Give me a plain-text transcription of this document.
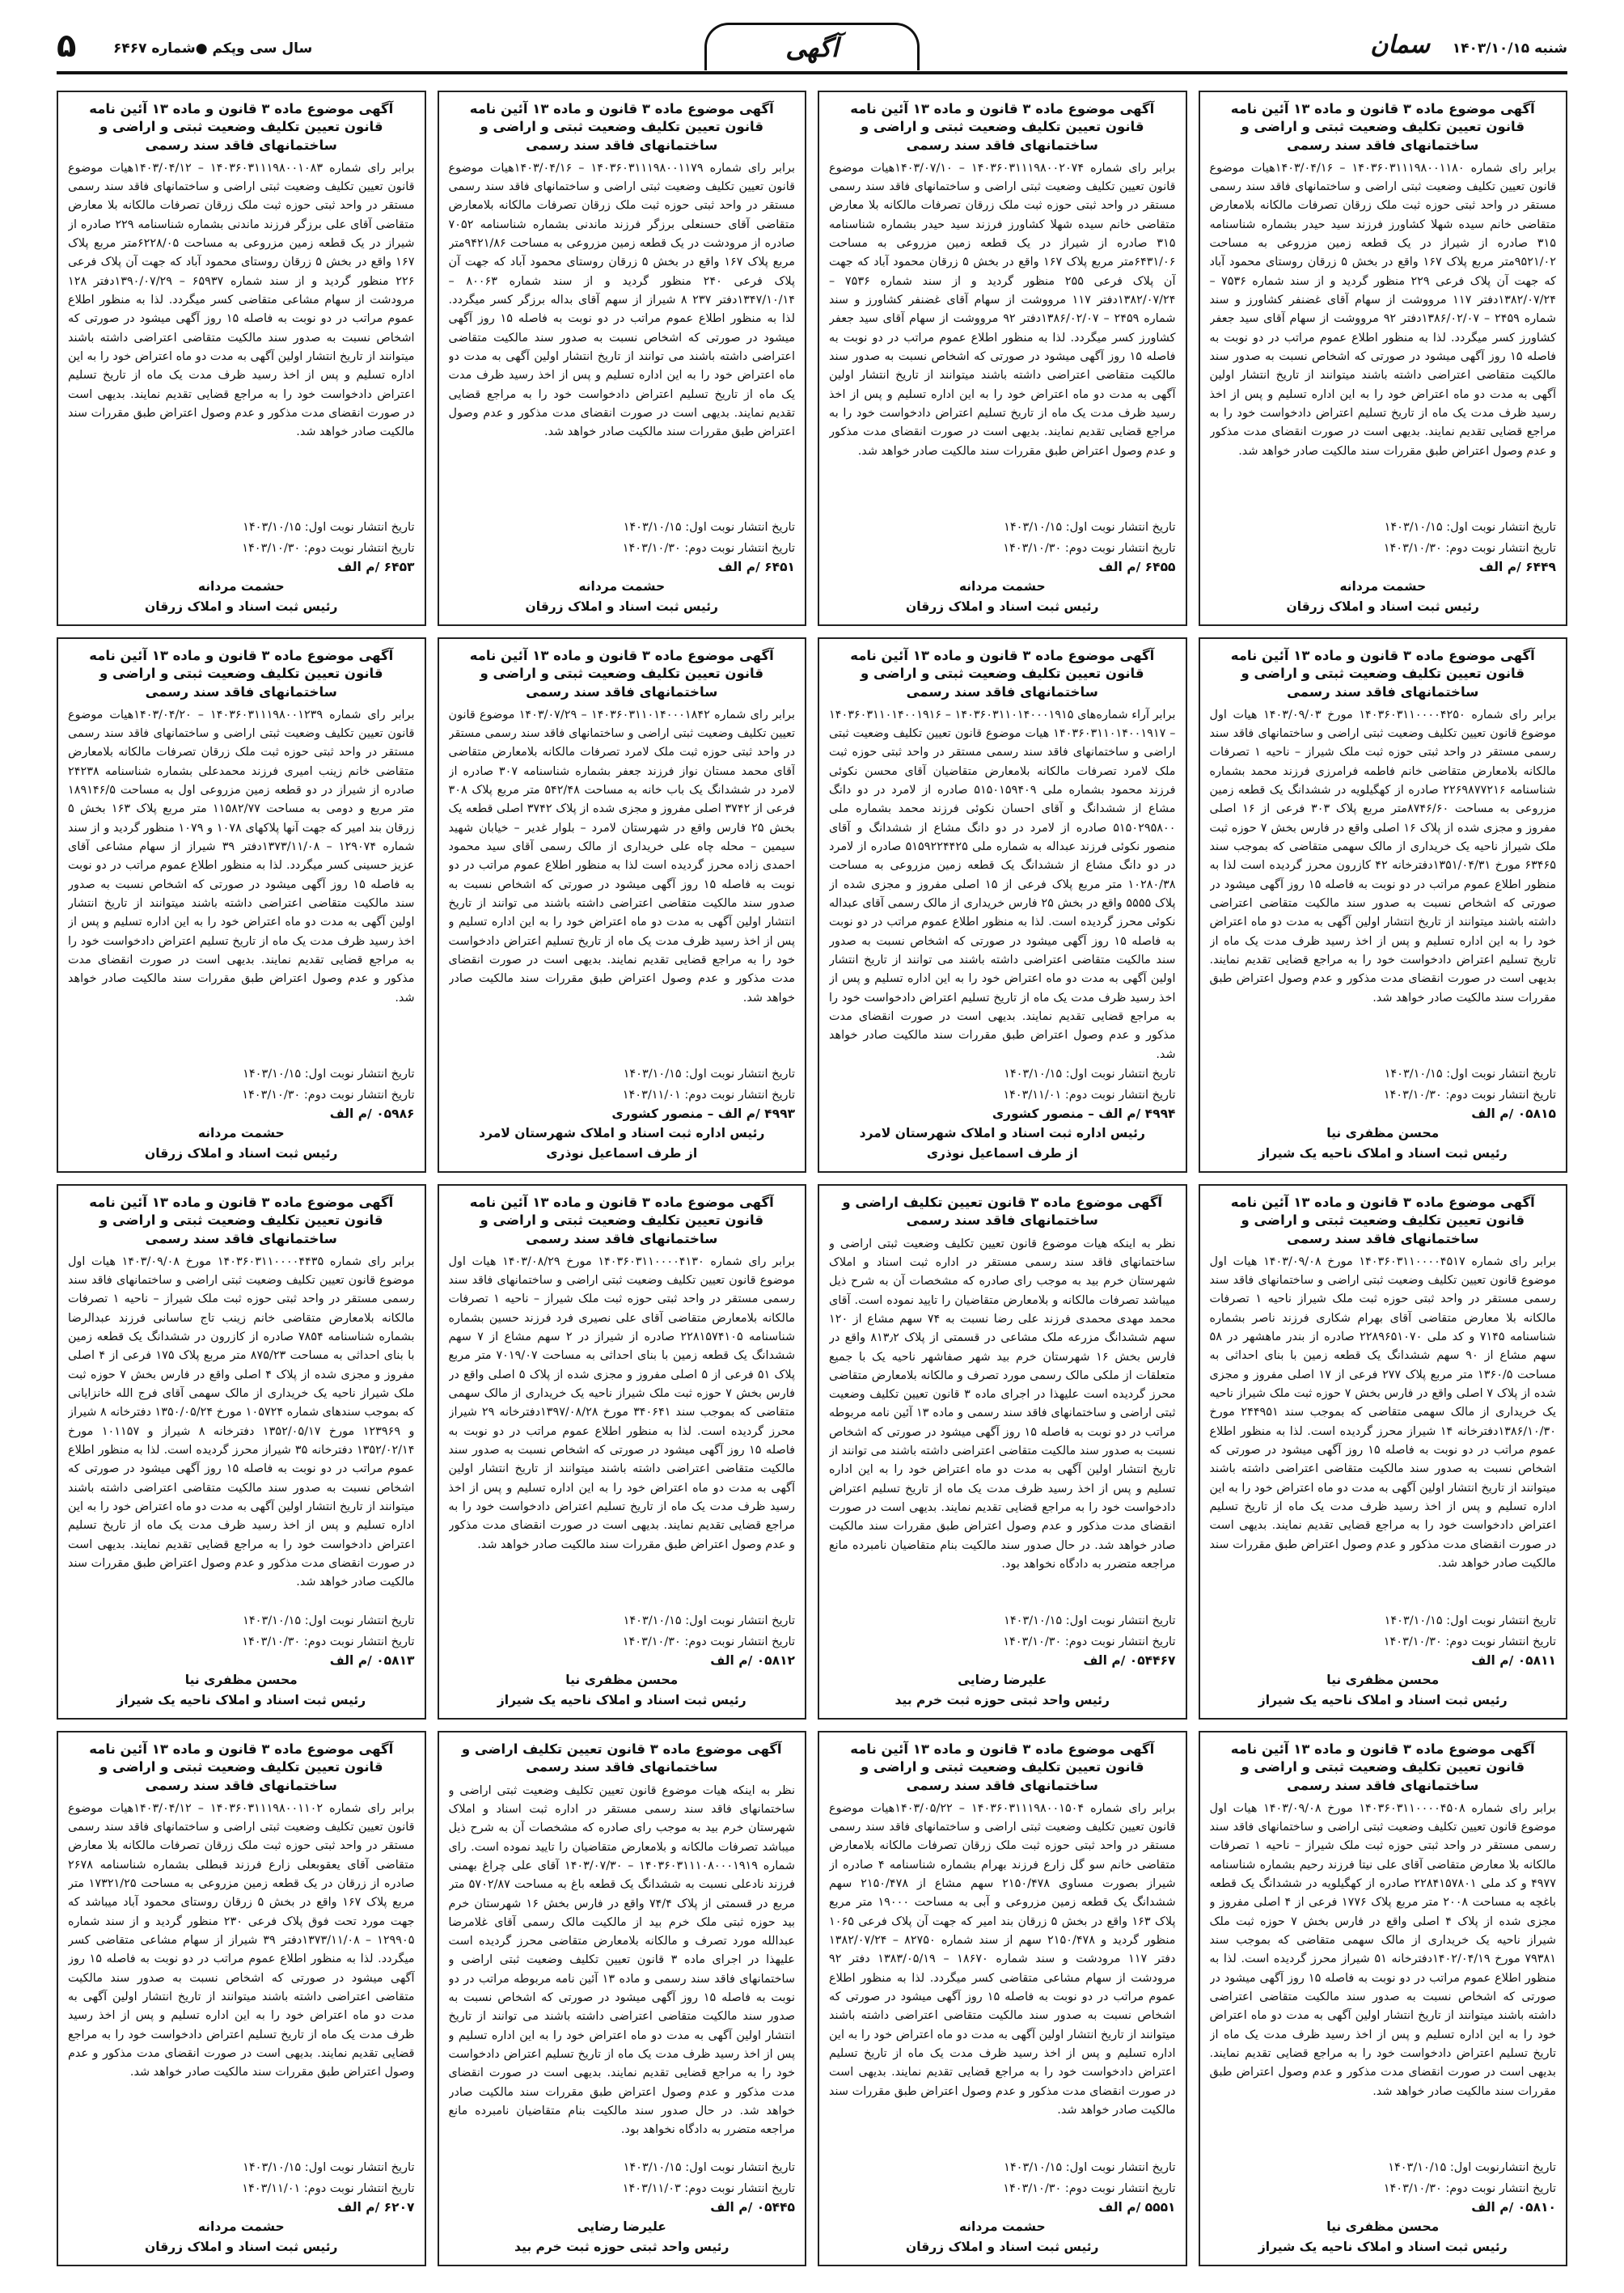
شنبه ۱۴۰۳/۱۰/۱۵
سمان
آگهی
سال سی وپکم ●شماره ۶۴۶۷
۵
آگهی موضوع ماده ۳ قانون و ماده ۱۳ آئین نامه قانون تعیین تکلیف وضعیت ثبتی و اراضی و ساختمانهای فاقد سند رسمی
برابر رای شماره ۱۴۰۳۶۰۳۱۱۱۹۸۰۰۱۱۸۰ – ۱۴۰۳/۰۴/۱۶هیات موضوع قانون تعیین تکلیف وضعیت ثبتی اراضی و ساختمانهای فاقد سند رسمی مستقر در واحد ثبتی حوزه ثبت ملک زرقان تصرفات مالکانه بلامعارض متقاضی خانم سیده شهلا کشاورز فرزند سید حیدر بشماره شناسنامه ۳۱۵ صادره از شیراز در یک قطعه زمین مزروعی به مساحت ۹۵۲۱/۰۲متر مربع پلاک ۱۶۷ واقع در بخش ۵ زرقان روستای محمود آباد که جهت آن پلاک فرعی ۲۲۹ منظور گردید و از سند شماره ۷۵۳۶ – ۱۳۸۲/۰۷/۲۴دفتر ۱۱۷ مرووشت از سهام آقای غضنفر کشاورز و سند شماره ۲۴۵۹ – ۱۳۸۶/۰۲/۰۷دفتر ۹۲ مرووشت از سهام آقای سید جعفر کشاورز کسر میگردد. لذا به منظور اطلاع عموم مراتب در دو نوبت به فاصله ۱۵ روز آگهی میشود در صورتی که اشخاص نسبت به صدور سند مالکیت متقاضی اعتراضی داشته باشند میتوانند از تاریخ انتشار اولین آگهی به مدت دو ماه اعتراض خود را به این اداره تسلیم و پس از اخذ رسید ظرف مدت یک ماه از تاریخ تسلیم اعتراض دادخواست خود را به مراجع قضایی تقدیم نمایند. بدیهی است در صورت انقضای مدت مذکور و عدم وصول اعتراض طبق مقررات سند مالکیت صادر خواهد شد.
تاریخ انتشار نوبت اول: ۱۴۰۳/۱۰/۱۵
تاریخ انتشار نوبت دوم: ۱۴۰۳/۱۰/۳۰
۶۴۴۹ /م الف
حشمت مردانه
رئیس ثبت اسناد و املاک زرقان
آگهی موضوع ماده ۳ قانون و ماده ۱۳ آئین نامه قانون تعیین تکلیف وضعیت ثبتی و اراضی و ساختمانهای فاقد سند رسمی
برابر رای شماره ۱۴۰۳۶۰۳۱۱۱۹۸۰۰۲۰۷۴ – ۱۴۰۳/۰۷/۱۰هیات موضوع قانون تعیین تکلیف وضعیت ثبتی اراضی و ساختمانهای فاقد سند رسمی مستقر در واحد ثبتی حوزه ثبت ملک زرقان تصرفات مالکانه بلا معارض متقاضی خانم سیده شهلا کشاورز فرزند سید حیدر بشماره شناسنامه ۳۱۵ صادره از شیراز در یک قطعه زمین مزروعی به مساحت ۶۴۳۱/۰۶متر مربع پلاک ۱۶۷ واقع در بخش ۵ زرقان محمود آباد که جهت آن پلاک فرعی ۲۵۵ منظور گردید و از سند شماره ۷۵۳۶ – ۱۳۸۲/۰۷/۲۴دفتر ۱۱۷ مرووشت از سهام آقای غضنفر کشاورز و سند شماره ۲۴۵۹ – ۱۳۸۶/۰۲/۰۷دفتر ۹۲ مرووشت از سهام آقای سید جعفر کشاورز کسر میگردد. لذا به منظور اطلاع عموم مراتب در دو نوبت به فاصله ۱۵ روز آگهی میشود در صورتی که اشخاص نسبت به صدور سند مالکیت متقاضی اعتراضی داشته باشند میتوانند از تاریخ انتشار اولین آگهی به مدت دو ماه اعتراض خود را به این اداره تسلیم و پس از اخذ رسید ظرف مدت یک ماه از تاریخ تسلیم اعتراض دادخواست خود را به مراجع قضایی تقدیم نمایند. بدیهی است در صورت انقضای مدت مذکور و عدم وصول اعتراض طبق مقررات سند مالکیت صادر خواهد شد.
تاریخ انتشار نوبت اول: ۱۴۰۳/۱۰/۱۵
تاریخ انتشار نوبت دوم: ۱۴۰۳/۱۰/۳۰
۶۴۵۵ /م الف
حشمت مردانه
رئیس ثبت اسناد و املاک زرقان
آگهی موضوع ماده ۳ قانون و ماده ۱۳ آئین نامه قانون تعیین تکلیف وضعیت ثبتی و اراضی و ساختمانهای فاقد سند رسمی
برابر رای شماره ۱۴۰۳۶۰۳۱۱۱۹۸۰۰۱۱۷۹ – ۱۴۰۳/۰۴/۱۶هیات موضوع قانون تعیین تکلیف وضعیت ثبتی اراضی و ساختمانهای فاقد سند رسمی مستقر در واحد ثبتی حوزه ثبت ملک زرقان تصرفات مالکانه بلامعارض متقاضی آقای حسنعلی برزگر فرزند ماندنی بشماره شناسنامه ۷۰۵۲ صادره از مرودشت در یک قطعه زمین مزروعی به مساحت ۹۴۲۱/۸۶متر مربع پلاک ۱۶۷ واقع در بخش ۵ زرقان روستای محمود آباد که جهت آن پلاک فرعی ۲۴۰ منظور گردید و از سند شماره ۸۰۰۶۳ – ۱۳۴۷/۱۰/۱۴دفتر ۲۳۷ ۸ شیراز از سهم آقای بداله برزگر کسر میگردد. لذا به منظور اطلاع عموم مراتب در دو نوبت به فاصله ۱۵ روز آگهی میشود در صورتی که اشخاص نسبت به صدور سند مالکیت متقاضی اعتراضی داشته باشند می توانند از تاریخ انتشار اولین آگهی به مدت دو ماه اعتراض خود را به این اداره تسلیم و پس از اخذ رسید ظرف مدت یک ماه از تاریخ تسلیم اعتراض دادخواست خود را به مراجع قضایی تقدیم نمایند. بدیهی است در صورت انقضای مدت مذکور و عدم وصول اعتراض طبق مقررات سند مالکیت صادر خواهد شد.
تاریخ انتشار نوبت اول: ۱۴۰۳/۱۰/۱۵
تاریخ انتشار نوبت دوم: ۱۴۰۳/۱۰/۳۰
۶۴۵۱ /م الف
حشمت مردانه
رئیس ثبت اسناد و املاک زرقان
آگهی موضوع ماده ۳ قانون و ماده ۱۳ آئین نامه قانون تعیین تکلیف وضعیت ثبتی و اراضی و ساختمانهای فاقد سند رسمی
برابر رای شماره ۱۴۰۳۶۰۳۱۱۱۹۸۰۰۱۰۸۳ – ۱۴۰۳/۰۴/۱۲هیات موضوع قانون تعیین تکلیف وضعیت ثبتی اراضی و ساختمانهای فاقد سند رسمی مستقر در واحد ثبتی حوزه ثبت ملک زرقان تصرفات مالکانه بلا معارض متقاضی آقای علی برزگر فرزند ماندنی بشماره شناسنامه ۲۲۹ صادره از شیراز در یک قطعه زمین مزروعی به مساحت ۶۲۲۸/۰۵متر مربع پلاک ۱۶۷ واقع در بخش ۵ زرقان روستای محمود آباد که جهت آن پلاک فرعی ۲۲۶ منظور گردید و از سند شماره ۶۵۹۳۷ – ۱۳۹۰/۰۷/۲۹دفتر ۱۲۸ مرودشت از سهام مشاعی متقاضی کسر میگردد. لذا به منظور اطلاع عموم مراتب در دو نوبت به فاصله ۱۵ روز آگهی میشود در صورتی که اشخاص نسبت به صدور سند مالکیت متقاضی اعتراضی داشته باشند میتوانند از تاریخ انتشار اولین آگهی به مدت دو ماه اعتراض خود را به این اداره تسلیم و پس از اخذ رسید ظرف مدت یک ماه از تاریخ تسلیم اعتراض دادخواست خود را به مراجع قضایی تقدیم نمایند. بدیهی است در صورت انقضای مدت مذکور و عدم وصول اعتراض طبق مقررات سند مالکیت صادر خواهد شد.
تاریخ انتشار نوبت اول: ۱۴۰۳/۱۰/۱۵
تاریخ انتشار نوبت دوم: ۱۴۰۳/۱۰/۳۰
۶۴۵۳ /م الف
حشمت مردانه
رئیس ثبت اسناد و املاک زرقان
آگهی موضوع ماده ۳ قانون و ماده ۱۳ آئین نامه قانون تعیین تکلیف وضعیت ثبتی و اراضی و ساختمانهای فاقد سند رسمی
برابر رای شماره ۱۴۰۳۶۰۳۱۱۰۰۰۰۴۲۵۰ مورخ ۱۴۰۳/۰۹/۰۳ هیات اول موضوع قانون تعیین تکلیف وضعیت ثبتی اراضی و ساختمانهای فاقد سند رسمی مستقر در واحد ثبتی حوزه ثبت ملک شیراز – ناحیه ۱ تصرفات مالکانه بلامعارض متقاضی خانم فاطمه فرامرزی فرزند محمد بشماره شناسنامه ۲۲۶۹۸۷۷۲۱۶ صادره از کهگیلویه در ششدانگ یک قطعه زمین مزروعی به مساحت ۸۷۴۶/۶۰متر مربع پلاک ۳۰۳ فرعی از ۱۶ اصلی مفروز و مجزی شده از پلاک ۱۶ اصلی واقع در فارس بخش ۷ حوزه ثبت ملک شیراز ناحیه یک خریداری از مالک سهمی متقاضی که بموجب سند ۶۳۴۶۵ مورخ ۱۳۵۱/۰۴/۳۱دفترخانه ۴۲ کازرون محرز گردیده است لذا به منظور اطلاع عموم مراتب در دو نوبت به فاصله ۱۵ روز آگهی میشود در صورتی که اشخاص نسبت به صدور سند مالکیت متقاضی اعتراضی داشته باشند میتوانند از تاریخ انتشار اولین آگهی به مدت دو ماه اعتراض خود را به این اداره تسلیم و پس از اخذ رسید ظرف مدت یک ماه از تاریخ تسلیم اعتراض دادخواست خود را به مراجع قضایی تقدیم نمایند. بدیهی است در صورت انقضای مدت مذکور و عدم وصول اعتراض طبق مقررات سند مالکیت صادر خواهد شد.
تاریخ انتشار نوبت اول: ۱۴۰۳/۱۰/۱۵
تاریخ انتشار نوبت دوم: ۱۴۰۳/۱۰/۳۰
۰۵۸۱۵ /م الف
محسن مظفری نیا
رئیس ثبت اسناد و املاک ناحیه یک شیراز
آگهی موضوع ماده ۳ قانون و ماده ۱۳ آئین نامه قانون تعیین تکلیف وضعیت ثبتی و اراضی و ساختمانهای فاقد سند رسمی
برابر آراء شماره‌های ۱۴۰۳۶۰۳۱۱۰۱۴۰۰۰۱۹۱۵ – ۱۴۰۳۶۰۳۱۱۰۱۴۰۰۱۹۱۶ – ۱۴۰۳۶۰۳۱۱۰۱۴۰۰۱۹۱۷ هیات موضوع قانون تعیین تکلیف وضعیت ثبتی اراضی و ساختمانهای فاقد سند رسمی مستقر در واحد ثبتی حوزه ثبت ملک لامرد تصرفات مالکانه بلامعارض متقاضیان آقای محسن نکوئی فرزند محمود بشماره ملی ۵۱۵۰۱۵۹۴۰۹ صادره از لامرد در دو دانگ مشاع از ششدانگ و آقای احسان نکوئی فرزند محمد بشماره ملی ۵۱۵۰۲۹۵۸۰۰ صادره از لامرد در دو دانگ مشاع از ششدانگ و آقای منصور نکوئی فرزند عبداله به شماره ملی ۵۱۵۹۲۲۴۴۲۵ صادره از لامرد در دو دانگ مشاع از ششدانگ یک قطعه زمین مزروعی به مساحت ۱۰۲۸۰/۳۸ متر مربع پلاک فرعی از ۱۵ اصلی مفروز و مجزی شده از پلاک ۵۵۵۵ واقع در بخش ۲۵ فارس خریداری از مالک رسمی آقای عبداله نکوئی محرز گردیده است. لذا به منظور اطلاع عموم مراتب در دو نوبت به فاصله ۱۵ روز آگهی میشود در صورتی که اشخاص نسبت به صدور سند مالکیت متقاضی اعتراضی داشته باشند می توانند از تاریخ انتشار اولین آگهی به مدت دو ماه اعتراض خود را به این اداره تسلیم و پس از اخذ رسید ظرف مدت یک ماه از تاریخ تسلیم اعتراض دادخواست خود را به مراجع قضایی تقدیم نمایند. بدیهی است در صورت انقضای مدت مذکور و عدم وصول اعتراض طبق مقررات سند مالکیت صادر خواهد شد.
تاریخ انتشار نوبت اول: ۱۴۰۳/۱۰/۱۵
تاریخ انتشار نوبت دوم: ۱۴۰۳/۱۱/۰۱
۴۹۹۴ /م الف – منصور کشوری
رئیس اداره ثبت اسناد و املاک شهرستان لامرد
از طرف اسماعیل نوذری
آگهی موضوع ماده ۳ قانون و ماده ۱۳ آئین نامه قانون تعیین تکلیف وضعیت ثبتی و اراضی و ساختمانهای فاقد سند رسمی
برابر رای شماره ۱۴۰۳۶۰۳۱۱۰۱۴۰۰۰۱۸۴۲ – ۱۴۰۳/۰۷/۲۹ موضوع قانون تعیین تکلیف وضعیت ثبتی اراضی و ساختمانهای فاقد سند رسمی مستقر در واحد ثبتی حوزه ثبت ملک لامرد تصرفات مالکانه بلامعارض متقاضی آقای محمد مستان نواز فرزند جعفر بشماره شناسنامه ۳۰۷ صادره از لامرد در ششدانگ یک باب خانه به مساحت ۵۴۲/۴۸ متر مربع پلاک ۳۰۸ فرعی از ۳۷۴۲ اصلی مفروز و مجزی شده از پلاک ۳۷۴۲ اصلی قطعه یک بخش ۲۵ فارس واقع در شهرستان لامرد – بلوار غدیر – خیابان شهید سیمین – محله چاه علی خریداری از مالک رسمی آقای سید محمود احمدی زاده محرز گردیده است لذا به منظور اطلاع عموم مراتب در دو نوبت به فاصله ۱۵ روز آگهی میشود در صورتی که اشخاص نسبت به صدور سند مالکیت متقاضی اعتراضی داشته باشند می توانند از تاریخ انتشار اولین آگهی به مدت دو ماه اعتراض خود را به این اداره تسلیم و پس از اخذ رسید ظرف مدت یک ماه از تاریخ تسلیم اعتراض دادخواست خود را به مراجع قضایی تقدیم نمایند. بدیهی است در صورت انقضای مدت مذکور و عدم وصول اعتراض طبق مقررات سند مالکیت صادر خواهد شد.
تاریخ انتشار نوبت اول: ۱۴۰۳/۱۰/۱۵
تاریخ انتشار نوبت دوم: ۱۴۰۳/۱۱/۰۱
۴۹۹۳ /م الف – منصور کشوری
رئیس اداره ثبت اسناد و املاک شهرستان لامرد
از طرف اسماعیل نوذری
آگهی موضوع ماده ۳ قانون و ماده ۱۳ آئین نامه قانون تعیین تکلیف وضعیت ثبتی و اراضی و ساختمانهای فاقد سند رسمی
برابر رای شماره ۱۴۰۳۶۰۳۱۱۱۹۸۰۰۱۲۳۹ – ۱۴۰۳/۰۴/۲۰هیات موضوع قانون تعیین تکلیف وضعیت ثبتی اراضی و ساختمانهای فاقد سند رسمی مستقر در واحد ثبتی حوزه ثبت ملک زرقان تصرفات مالکانه بلامعارض متقاضی خانم زینب امیری فرزند محمدعلی بشماره شناسنامه ۲۴۲۳۸ صادره از شیراز در دو قطعه زمین مزروعی اول به مساحت ۱۸۹۱۴۶/۵ متر مربع و دومی به مساحت ۱۱۵۸۲/۷۷ متر مربع پلاک ۱۶۳ بخش ۵ زرقان بند امیر که جهت آنها پلاکهای ۱۰۷۸ و ۱۰۷۹ منظور گردید و از سند شماره ۱۲۹۰۷۴ – ۱۳۷۳/۱۱/۰۸دفتر ۳۹ شیراز از سهام مشاعی آقای عزیز حسینی کسر میگردد. لذا به منظور اطلاع عموم مراتب در دو نوبت به فاصله ۱۵ روز آگهی میشود در صورتی که اشخاص نسبت به صدور سند مالکیت متقاضی اعتراضی داشته باشند میتوانند از تاریخ انتشار اولین آگهی به مدت دو ماه اعتراض خود را به این اداره تسلیم و پس از اخذ رسید ظرف مدت یک ماه از تاریخ تسلیم اعتراض دادخواست خود را به مراجع قضایی تقدیم نمایند. بدیهی است در صورت انقضای مدت مذکور و عدم وصول اعتراض طبق مقررات سند مالکیت صادر خواهد شد.
تاریخ انتشار نوبت اول: ۱۴۰۳/۱۰/۱۵
تاریخ انتشار نوبت دوم: ۱۴۰۳/۱۰/۳۰
۰۵۹۸۶ /م الف
حشمت مردانه
رئیس ثبت اسناد و املاک زرقان
آگهی موضوع ماده ۳ قانون و ماده ۱۳ آئین نامه قانون تعیین تکلیف وضعیت ثبتی و اراضی و ساختمانهای فاقد سند رسمی
برابر رای شماره ۱۴۰۳۶۰۳۱۱۰۰۰۰۴۵۱۷ مورخ ۱۴۰۳/۰۹/۰۸ هیات اول موضوع قانون تعیین تکلیف وضعیت ثبتی اراضی و ساختمانهای فاقد سند رسمی مستقر در واحد ثبتی حوزه ثبت ملک شیراز ناحیه ۱ تصرفات مالکانه بلا معارض متقاضی آقای بهرام شکاری فرزند ناصر بشماره شناسنامه ۷۱۴۵ و کد ملی ۲۲۸۹۶۵۱۰۷۰ صادره از بندر ماهشهر در ۵۸ سهم مشاع از ۹۰ سهم ششدانگ یک قطعه زمین با بنای احداثی به مساحت ۱۳۶۰/۵ متر مربع پلاک ۲۷۷ فرعی از ۱۷ اصلی مفروز و مجزی شده از پلاک ۷ اصلی واقع در فارس بخش ۷ حوزه ثبت ملک شیراز ناحیه یک خریداری از مالک سهمی متقاضی که بموجب سند ۲۴۴۹۵۱ مورخ ۱۳۸۶/۱۰/۳۰دفترخانه ۱۴ شیراز محرز گردیده است. لذا به منظور اطلاع عموم مراتب در دو نوبت به فاصله ۱۵ روز آگهی میشود در صورتی که اشخاص نسبت به صدور سند مالکیت متقاضی اعتراضی داشته باشند میتوانند از تاریخ انتشار اولین آگهی به مدت دو ماه اعتراض خود را به این اداره تسلیم و پس از اخذ رسید ظرف مدت یک ماه از تاریخ تسلیم اعتراض دادخواست خود را به مراجع قضایی تقدیم نمایند. بدیهی است در صورت انقضای مدت مذکور و عدم وصول اعتراض طبق مقررات سند مالکیت صادر خواهد شد.
تاریخ انتشار نوبت اول: ۱۴۰۳/۱۰/۱۵
تاریخ انتشار نوبت دوم: ۱۴۰۳/۱۰/۳۰
۰۵۸۱۱ /م الف
محسن مظفری نیا
رئیس ثبت اسناد و املاک ناحیه یک شیراز
آگهی موضوع ماده ۳ قانون تعیین تکلیف اراضی و ساختمانهای فاقد سند رسمی
نظر به اینکه هیات موضوع قانون تعیین تکلیف وضعیت ثبتی اراضی و ساختمانهای فاقد سند رسمی مستقر در اداره ثبت اسناد و املاک شهرستان خرم بید به موجب رای صادره که مشخصات آن به شرح ذیل میباشد تصرفات مالکانه و بلامعارض متقاضیان را تایید نموده است. آقای محمد مهدی محمدی فرزند علی رضا نسبت به ۷۴ سهم مشاع از ۱۲۰ سهم ششدانگ مزرعه ملک مشاعی در قسمتی از پلاک ۸۱۳٫۲ واقع در فارس بخش ۱۶ شهرستان خرم بید شهر صفاشهر ناحیه یک با جمیع متعلقات از ملکی مالک رسمی مورد تصرف و مالکانه بلامعارض متقاضی محرز گردیده است علیهذا در اجرای ماده ۳ قانون تعیین تکلیف وضعیت ثبتی اراضی و ساختمانهای فاقد سند رسمی و ماده ۱۳ آئین نامه مربوطه مراتب در دو نوبت به فاصله ۱۵ روز آگهی میشود در صورتی که اشخاص نسبت به صدور سند مالکیت متقاضی اعتراضی داشته باشند می توانند از تاریخ انتشار اولین آگهی به مدت دو ماه اعتراض خود را به این اداره تسلیم و پس از اخذ رسید ظرف مدت یک ماه از تاریخ تسلیم اعتراض دادخواست خود را به مراجع قضایی تقدیم نمایند. بدیهی است در صورت انقضای مدت مذکور و عدم وصول اعتراض طبق مقررات سند مالکیت صادر خواهد شد. در حال صدور سند مالکیت بنام متقاضیان نامبرده مانع مراجعه متضرر به دادگاه نخواهد بود.
تاریخ انتشار نوبت اول: ۱۴۰۳/۱۰/۱۵
تاریخ انتشار نوبت دوم: ۱۴۰۳/۱۰/۳۰
۰۵۴۴۶۷ /م الف
علیرضا رضایی
رئیس واحد ثبتی حوزه ثبت خرم بید
آگهی موضوع ماده ۳ قانون و ماده ۱۳ آئین نامه قانون تعیین تکلیف وضعیت ثبتی و اراضی و ساختمانهای فاقد سند رسمی
برابر رای شماره ۱۴۰۳۶۰۳۱۱۰۰۰۰۴۱۳۰ مورخ ۱۴۰۳/۰۸/۲۹ هیات اول موضوع قانون تعیین تکلیف وضعیت ثبتی اراضی و ساختمانهای فاقد سند رسمی مستقر در واحد ثبتی حوزه ثبت ملک شیراز – ناحیه ۱ تصرفات مالکانه بلامعارض متقاضی آقای علی نصیری فرد فرزند حسین بشماره شناسنامه ۲۲۸۱۵۷۴۱۰۵ صادره از شیراز در ۲ سهم مشاع از ۷ سهم ششدانگ یک قطعه زمین با بنای احداثی به مساحت ۷۰۱۹/۰۷ متر مربع پلاک ۵۱ فرعی از ۵ اصلی مفروز و مجزی شده از پلاک ۵ اصلی واقع در فارس بخش ۷ حوزه ثبت ملک شیراز ناحیه یک خریداری از مالک سهمی متقاضی که بموجب سند ۳۴۰۶۴۱ مورخ ۱۳۹۷/۰۸/۲۸دفترخانه ۲۹ شیراز محرز گردیده است. لذا به منظور اطلاع عموم مراتب در دو نوبت به فاصله ۱۵ روز آگهی میشود در صورتی که اشخاص نسبت به صدور سند مالکیت متقاضی اعتراضی داشته باشند میتوانند از تاریخ انتشار اولین آگهی به مدت دو ماه اعتراض خود را به این اداره تسلیم و پس از اخذ رسید ظرف مدت یک ماه از تاریخ تسلیم اعتراض دادخواست خود را به مراجع قضایی تقدیم نمایند. بدیهی است در صورت انقضای مدت مذکور و عدم وصول اعتراض طبق مقررات سند مالکیت صادر خواهد شد.
تاریخ انتشار نوبت اول: ۱۴۰۳/۱۰/۱۵
تاریخ انتشار نوبت دوم: ۱۴۰۳/۱۰/۳۰
۰۵۸۱۲ /م الف
محسن مظفری نیا
رئیس ثبت اسناد و املاک ناحیه یک شیراز
آگهی موضوع ماده ۳ قانون و ماده ۱۳ آئین نامه قانون تعیین تکلیف وضعیت ثبتی و اراضی و ساختمانهای فاقد سند رسمی
برابر رای شماره ۱۴۰۳۶۰۳۱۱۰۰۰۰۴۴۳۵ مورخ ۱۴۰۳/۰۹/۰۸ هیات اول موضوع قانون تعیین تکلیف وضعیت ثبتی اراضی و ساختمانهای فاقد سند رسمی مستقر در واحد ثبتی حوزه ثبت ملک شیراز – ناحیه ۱ تصرفات مالکانه بلامعارض متقاضی خانم زینب تاج ساسانی فرزند عبدالرضا بشماره شناسنامه ۷۸۵۴ صادره از کازرون در ششدانگ یک قطعه زمین با بنای احداثی به مساحت ۸۷۵/۲۳ متر مربع پلاک ۱۷۵ فرعی از ۴ اصلی مفروز و مجزی شده از پلاک ۴ اصلی واقع در فارس بخش ۷ حوزه ثبت ملک شیراز ناحیه یک خریداری از مالک سهمی آقای فرج الله خانزایانی که بموجب سندهای شماره ۱۰۵۷۲۴ مورخ ۱۳۵۰/۰۵/۲۴ دفترخانه ۸ شیراز و ۱۲۳۹۶۹ مورخ ۱۳۵۲/۰۵/۱۷ دفترخانه ۸ شیراز و ۱۰۱۱۵۷ مورخ ۱۳۵۲/۰۲/۱۴ دفترخانه ۳۵ شیراز محرز گردیده است. لذا به منظور اطلاع عموم مراتب در دو نوبت به فاصله ۱۵ روز آگهی میشود در صورتی که اشخاص نسبت به صدور سند مالکیت متقاضی اعتراضی داشته باشند میتوانند از تاریخ انتشار اولین آگهی به مدت دو ماه اعتراض خود را به این اداره تسلیم و پس از اخذ رسید ظرف مدت یک ماه از تاریخ تسلیم اعتراض دادخواست خود را به مراجع قضایی تقدیم نمایند. بدیهی است در صورت انقضای مدت مذکور و عدم وصول اعتراض طبق مقررات سند مالکیت صادر خواهد شد.
تاریخ انتشار نوبت اول: ۱۴۰۳/۱۰/۱۵
تاریخ انتشار نوبت دوم: ۱۴۰۳/۱۰/۳۰
۰۵۸۱۳ /م الف
محسن مظفری نیا
رئیس ثبت اسناد و املاک ناحیه یک شیراز
آگهی موضوع ماده ۳ قانون و ماده ۱۳ آئین نامه قانون تعیین تکلیف وضعیت ثبتی و اراضی و ساختمانهای فاقد سند رسمی
برابر رای شماره ۱۴۰۳۶۰۳۱۱۰۰۰۰۴۵۰۸ مورخ ۱۴۰۳/۰۹/۰۸ هیات اول موضوع قانون تعیین تکلیف وضعیت ثبتی اراضی و ساختمانهای فاقد سند رسمی مستقر در واحد ثبتی حوزه ثبت ملک شیراز – ناحیه ۱ تصرفات مالکانه بلا معارض متقاضی آقای علی نیتا فرزند رحیم بشماره شناسنامه ۴۹۷۷ و کد ملی ۲۲۸۴۱۵۷۸۰۱ صادره از کهگیلویه در ششدانگ یک قطعه باغچه به مساحت ۲۰۰۸ متر مربع پلاک ۱۷۷۶ فرعی از ۴ اصلی مفروز و مجزی شده از پلاک ۴ اصلی واقع در فارس بخش ۷ حوزه ثبت ملک شیراز ناحیه یک خریداری از مالک سهمی متقاضی که بموجب سند ۷۹۳۸۱ مورخ ۱۴۰۲/۰۴/۱۹دفترخانه ۵۱ شیراز محرز گردیده است. لذا به منظور اطلاع عموم مراتب در دو نوبت به فاصله ۱۵ روز آگهی میشود در صورتی که اشخاص نسبت به صدور سند مالکیت متقاضی اعتراضی داشته باشند میتوانند از تاریخ انتشار اولین آگهی به مدت دو ماه اعتراض خود را به این اداره تسلیم و پس از اخذ رسید ظرف مدت یک ماه از تاریخ تسلیم اعتراض دادخواست خود را به مراجع قضایی تقدیم نمایند. بدیهی است در صورت انقضای مدت مذکور و عدم وصول اعتراض طبق مقررات سند مالکیت صادر خواهد شد.
تاریخ انتشارنوبت اول: ۱۴۰۳/۱۰/۱۵
تاریخ انتشار نوبت دوم: ۱۴۰۳/۱۰/۳۰
۰۵۸۱۰ /م الف
محسن مظفری نیا
رئیس ثبت اسناد و املاک ناحیه یک شیراز
آگهی موضوع ماده ۳ قانون و ماده ۱۳ آئین نامه قانون تعیین تکلیف وضعیت ثبتی و اراضی و ساختمانهای فاقد سند رسمی
برابر رای شماره ۱۴۰۳۶۰۳۱۱۱۹۸۰۰۱۵۰۴ – ۱۴۰۳/۰۵/۲۲هیات موضوع قانون تعیین تکلیف وضعیت ثبتی اراضی و ساختمانهای فاقد سند رسمی مستقر در واحد ثبتی حوزه ثبت ملک زرقان تصرفات مالکانه بلامعارض متقاضی خانم سو گل زارع فرزند بهرام بشماره شناسنامه ۴ صادره از شیراز بصورت مساوی ۲۱۵۰/۴۷۸ سهم مشاع از ۲۱۵۰/۴۷۸ سهم ششدانگ یک قطعه زمین مزروعی و آبی به مساحت ۱۹۰۰۰ متر مربع پلاک ۱۶۳ واقع در بخش ۵ زرقان بند امیر که جهت آن پلاک فرعی ۱۰۶۵ منظور گردید و ۲۱۵۰/۴۷۸ سهم از سند شماره ۸۲۷۵۰ – ۱۳۸۲/۰۷/۲۴ دفتر ۱۱۷ مرودشت و سند شماره ۱۸۶۷۰ – ۱۳۸۳/۰۵/۱۹ دفتر ۹۲ مرودشت از سهام مشاعی متقاضی کسر میگردد. لذا به منظور اطلاع عموم مراتب در دو نوبت به فاصله ۱۵ روز آگهی میشود در صورتی که اشخاص نسبت به صدور سند مالکیت متقاضی اعتراضی داشته باشند میتوانند از تاریخ انتشار اولین آگهی به مدت دو ماه اعتراض خود را به این اداره تسلیم و پس از اخذ رسید ظرف مدت یک ماه از تاریخ تسلیم اعتراض دادخواست خود را به مراجع قضایی تقدیم نمایند. بدیهی است در صورت انقضای مدت مذکور و عدم وصول اعتراض طبق مقررات سند مالکیت صادر خواهد شد.
تاریخ انتشار نوبت اول: ۱۴۰۳/۱۰/۱۵
تاریخ انتشار نوبت دوم: ۱۴۰۳/۱۰/۳۰
۵۵۵۱ /م الف
حشمت مردانه
رئیس ثبت اسناد و املاک زرقان
آگهی موضوع ماده ۳ قانون تعیین تکلیف اراضی و ساختمانهای فاقد سند رسمی
نظر به اینکه هیات موضوع قانون تعیین تکلیف وضعیت ثبتی اراضی و ساختمانهای فاقد سند رسمی مستقر در اداره ثبت اسناد و املاک شهرستان خرم بید به موجب رای صادره که مشخصات آن به شرح ذیل میباشد تصرفات مالکانه و بلامعارض متقاضیان را تایید نموده است. رای شماره ۱۴۰۳۶۰۳۱۱۱۰۸۰۰۰۱۹۱۹ – ۱۴۰۳/۰۷/۳۰ آقای علی چراغ بهمنی فرزند نادعلی نسبت به ششدانگ یک قطعه باغ به مساحت ۵۷۰۲/۸۷ متر مربع در قسمتی از پلاک ۷۴/۴ واقع در فارس بخش ۱۶ شهرستان خرم بید حوزه ثبتی ملک خرم بید از مالکیت مالک رسمی آقای غلامرضا عبدالله مورد تصرف و مالکانه بلامعارض متقاضی محرز گردیده است علیهذا در اجرای ماده ۳ قانون تعیین تکلیف وضعیت ثبتی اراضی و ساختمانهای فاقد سند رسمی و ماده ۱۳ آئین نامه مربوطه مراتب در دو نوبت به فاصله ۱۵ روز آگهی میشود در صورتی که اشخاص نسبت به صدور سند مالکیت متقاضی اعتراضی داشته باشند می توانند از تاریخ انتشار اولین آگهی به مدت دو ماه اعتراض خود را به این اداره تسلیم و پس از اخذ رسید ظرف مدت یک ماه از تاریخ تسلیم اعتراض دادخواست خود را به مراجع قضایی تقدیم نمایند. بدیهی است در صورت انقضای مدت مذکور و عدم وصول اعتراض طبق مقررات سند مالکیت صادر خواهد شد. در حال صدور سند مالکیت بنام متقاضیان نامبرده مانع مراجعه متضرر به دادگاه نخواهد بود.
تاریخ انتشار نوبت اول: ۱۴۰۳/۱۰/۱۵
تاریخ انتشار نوبت دوم: ۱۴۰۳/۱۱/۰۳
۰۵۴۴۵ /م الف
علیرضا رضایی
رئیس واحد ثبتی حوزه ثبت خرم بید
آگهی موضوع ماده ۳ قانون و ماده ۱۳ آئین نامه قانون تعیین تکلیف وضعیت ثبتی و اراضی و ساختمانهای فاقد سند رسمی
برابر رای شماره ۱۴۰۳۶۰۳۱۱۱۹۸۰۰۱۱۰۲ – ۱۴۰۳/۰۴/۱۲هیات موضوع قانون تعیین تکلیف وضعیت ثبتی اراضی و ساختمانهای فاقد سند رسمی مستقر در واحد ثبتی حوزه ثبت ملک زرقان تصرفات مالکانه بلا معارض متقاضی آقای یعقوبعلی زارع فرزند قبطلی بشماره شناسنامه ۲۶۷۸ صادره از زرقان در یک قطعه زمین مزروعی به مساحت ۱۷۳۲۱/۲۵ متر مربع پلاک ۱۶۷ واقع در بخش ۵ زرقان روستای محمود آباد میباشد که جهت مورد تحت فوق پلاک فرعی ۲۳۰ منظور گردید و از سند شماره ۱۲۹۹۰۵ – ۱۳۷۳/۱۱/۰۸دفتر ۳۹ شیراز از سهام مشاعی متقاضی کسر میگردد. لذا به منظور اطلاع عموم مراتب در دو نوبت به فاصله ۱۵ روز آگهی میشود در صورتی که اشخاص نسبت به صدور سند مالکیت متقاضی اعتراضی داشته باشند میتوانند از تاریخ انتشار اولین آگهی به مدت دو ماه اعتراض خود را به این اداره تسلیم و پس از اخذ رسید ظرف مدت یک ماه از تاریخ تسلیم اعتراض دادخواست خود را به مراجع قضایی تقدیم نمایند. بدیهی است در صورت انقضای مدت مذکور و عدم وصول اعتراض طبق مقررات سند مالکیت صادر خواهد شد.
تاریخ انتشار نوبت اول: ۱۴۰۳/۱۰/۱۵
تاریخ انتشار نوبت دوم: ۱۴۰۳/۱۱/۰۱
۶۲۰۷ /م الف
حشمت مردانه
رئیس ثبت اسناد و املاک زرقان
